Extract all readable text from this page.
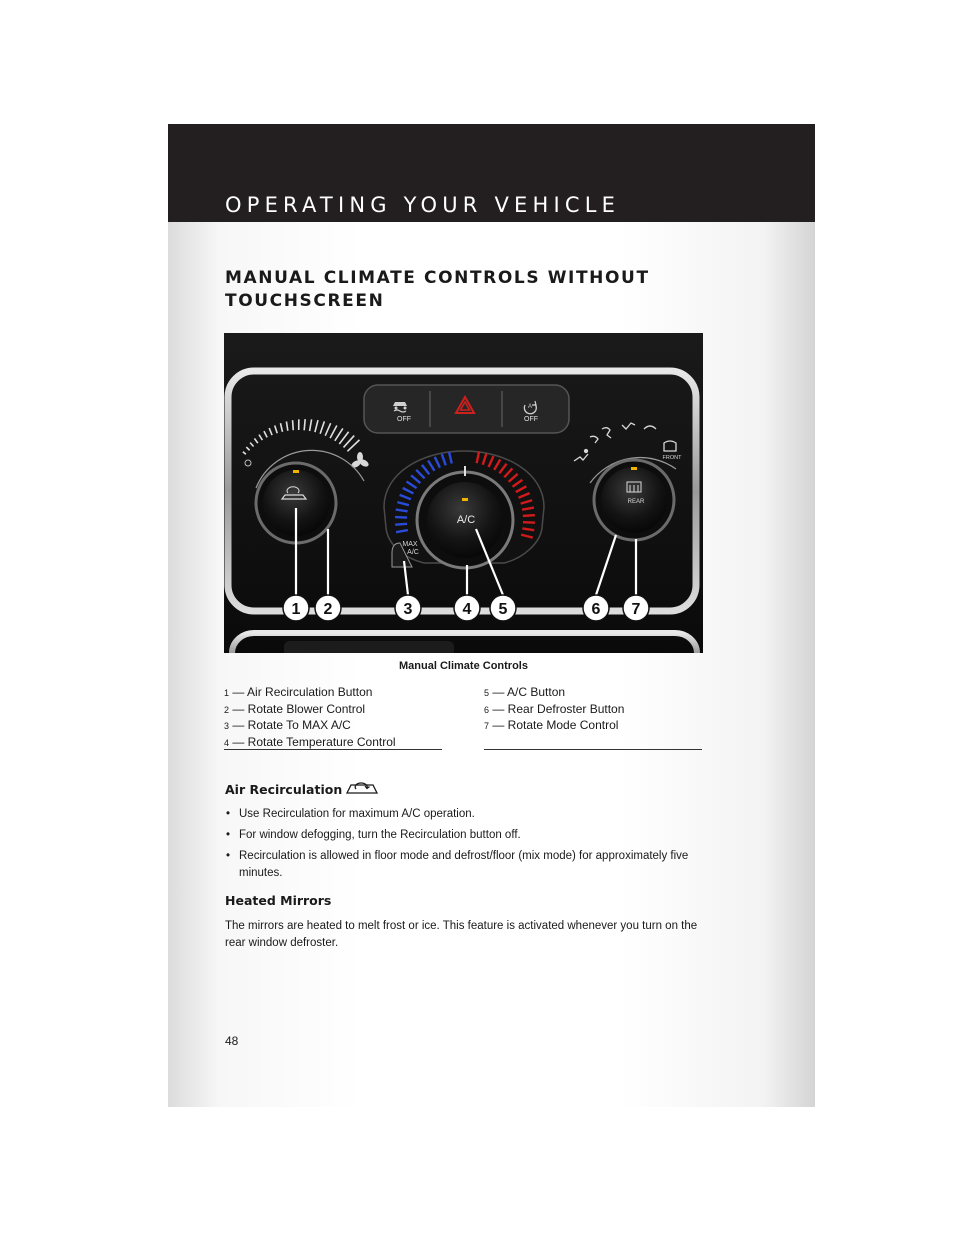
OPERATING YOUR VEHICLE
MANUAL CLIMATE CONTROLS WITHOUT TOUCHSCREEN
OFF
A
OFF
MAX
A/C
A/C
FRONT
REAR
1 2	3	4 5	6 7
Manual Climate Controls
1 — Air Recirculation Button
2 — Rotate Blower Control
3 — Rotate To MAX A/C
4 — Rotate Temperature Control
5 — A/C Button
6 — Rear Defroster Button
7 — Rotate Mode Control
Air Recirculation
• Use Recirculation for maximum A/C operation.
• For window defogging, turn the Recirculation button off.
• Recirculation is allowed in floor mode and defrost/floor (mix mode) for approximately five minutes.
Heated Mirrors
The mirrors are heated to melt frost or ice. This feature is activated whenever you turn on the rear window defroster.
48
